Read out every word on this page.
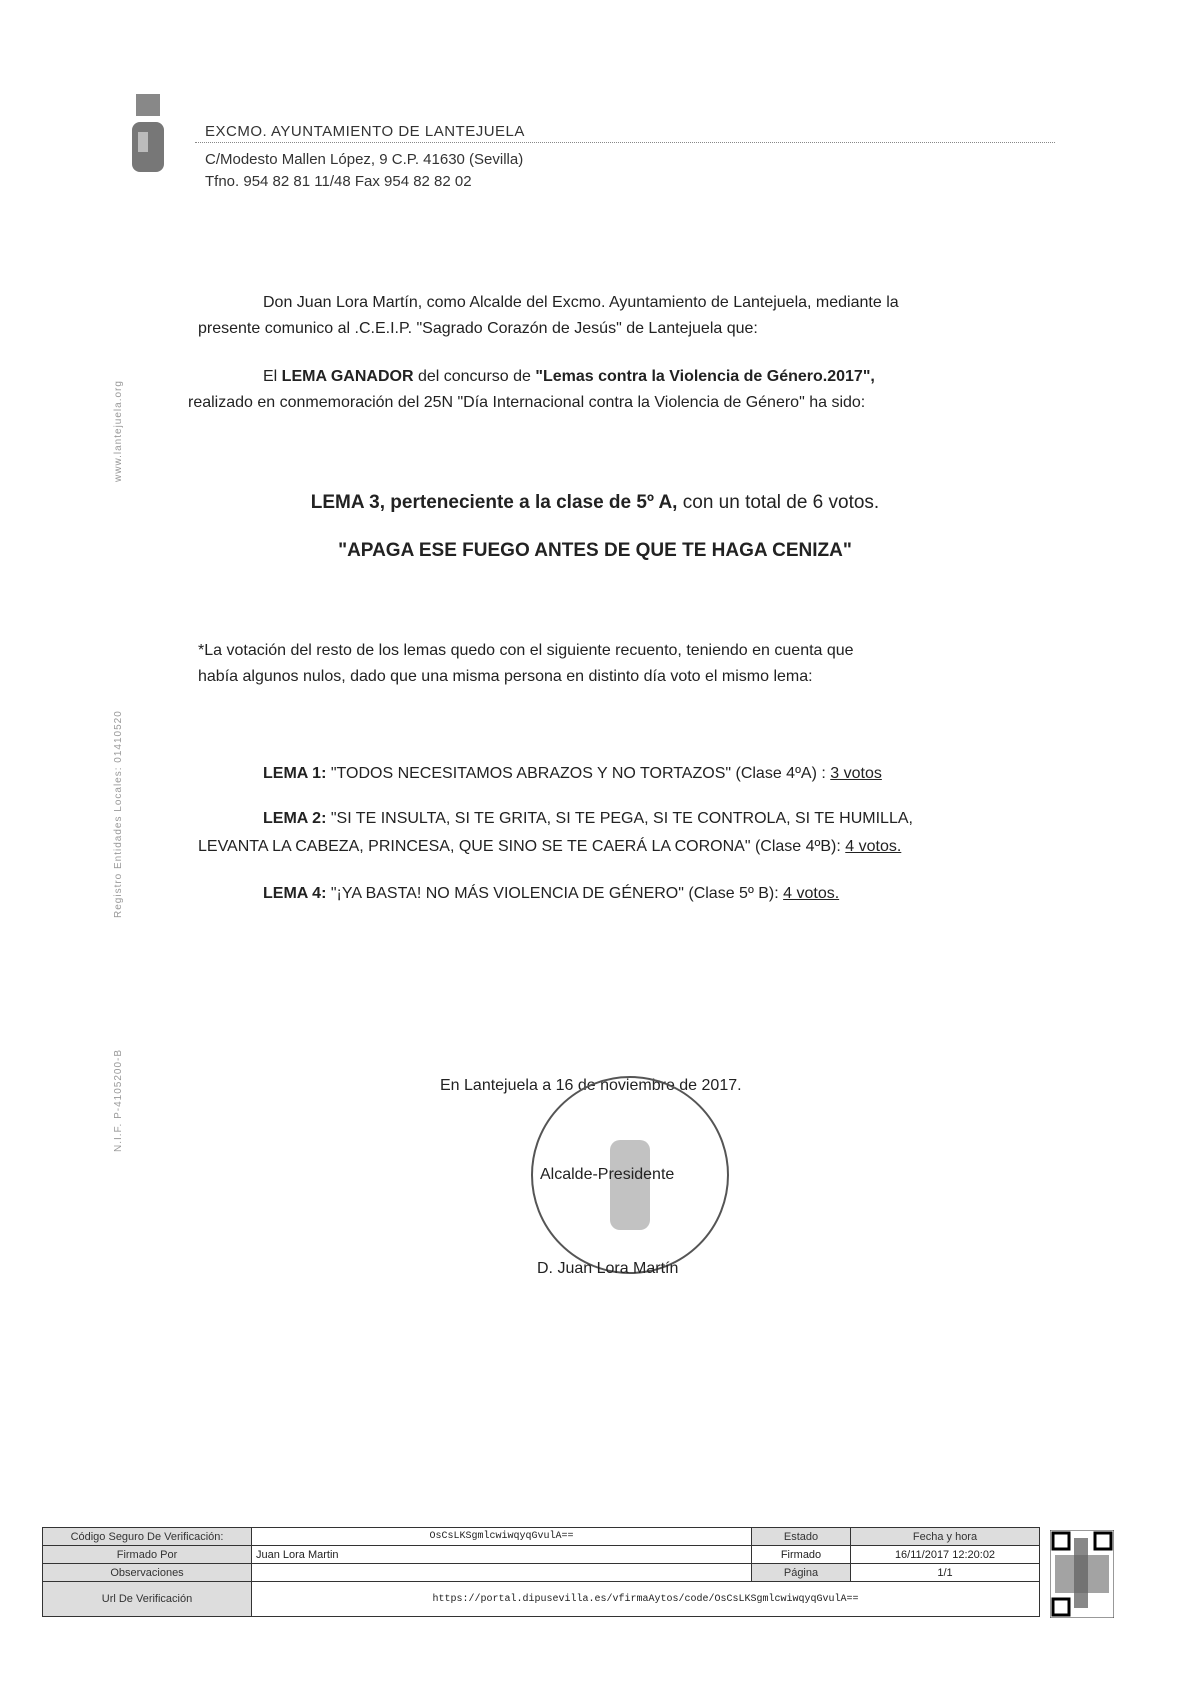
EXCMO. AYUNTAMIENTO DE LANTEJUELA
C/Modesto Mallen López, 9 C.P. 41630 (Sevilla)
Tfno. 954 82 81 11/48 Fax 954 82 82 02
www.lantejuela.org
Registro Entidades Locales: 01410520
N.I.F. P-4105200-B
Don Juan Lora Martín, como Alcalde del Excmo. Ayuntamiento de Lantejuela, mediante la
presente comunico al .C.E.I.P. "Sagrado Corazón de Jesús" de Lantejuela que:
El LEMA GANADOR del concurso de "Lemas contra la Violencia de Género.2017",
realizado en conmemoración del 25N "Día Internacional contra la Violencia de Género" ha sido:
LEMA 3, perteneciente a la clase de 5º A, con un total de 6 votos.
"APAGA ESE FUEGO ANTES DE QUE TE HAGA CENIZA"
*La votación del resto de los lemas quedo con el siguiente recuento, teniendo en cuenta que
había algunos nulos, dado que una misma persona en distinto día voto el mismo lema:
LEMA 1: "TODOS NECESITAMOS ABRAZOS Y NO TORTAZOS" (Clase 4ºA) : 3 votos
LEMA 2: "SI TE INSULTA, SI TE GRITA, SI TE PEGA, SI TE CONTROLA, SI TE HUMILLA,
LEVANTA LA CABEZA, PRINCESA, QUE SINO SE TE CAERÁ LA CORONA" (Clase 4ºB): 4 votos.
LEMA 4: "¡YA BASTA! NO MÁS VIOLENCIA DE GÉNERO" (Clase 5º B): 4 votos.
En Lantejuela a 16 de noviembre de 2017.
Alcalde-Presidente
D. Juan Lora Martín
Código Seguro De Verificación:	OsCsLKSgmlcwiwqyqGvulA==	Estado	Fecha y hora
Firmado Por	Juan Lora Martin	Firmado	16/11/2017 12:20:02
Observaciones		Página	1/1
Url De Verificación	https://portal.dipusevilla.es/vfirmaAytos/code/OsCsLKSgmlcwiwqyqGvulA==		
